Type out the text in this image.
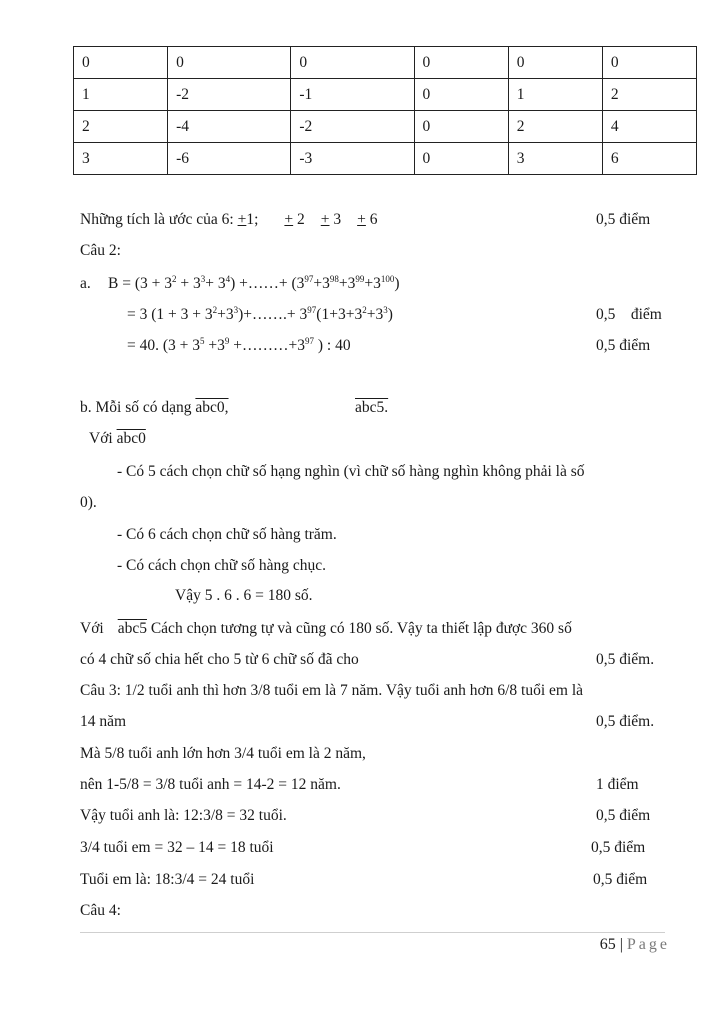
0	0	0	0	0	0
1	-2	-1	0	1	2
2	-4	-2	0	2	4
3	-6	-3	0	3	6
Những tích là ước của 6: +1; + 2 + 3 + 6	0,5 điểm
Câu 2:
a. $B = (3 + 3^2 + 3^3+ 3^4)$ +……+ $(3^{97}+3^{98}+3^{99}+3^{100})$
= 3 $(1 + 3 + 3^2+3^3)+\dots\dots.+ 3^{97}(1+3+3^2+3^3)$	0,5    điểm
= 40. ($3 + 3^5 +3^9$ $+\dots\dots\dots+3^{97}$ ) : 40	0,5 điểm
b. Mỗi số có dạng abc0,	abc5.
Với abc0
- Có 5 cách chọn chữ số hạng nghìn (vì chữ số hàng nghìn không phải là số
0).
- Có 6 cách chọn chữ số hàng trăm.
- Có cách chọn chữ số hàng chục.
Vậy 5 . 6 . 6 = 180 số.
Với abc5 Cách chọn tương tự và cũng có 180 số. Vậy ta thiết lập được 360 số
có 4 chữ số chia hết cho 5 từ 6 chữ số đã cho	0,5 điểm.
Câu 3: 1/2 tuổi anh thì hơn 3/8 tuổi em là 7 năm. Vậy tuổi anh hơn 6/8 tuổi em là
14 năm	0,5 điểm.
Mà 5/8 tuổi anh lớn hơn 3/4 tuổi em là 2 năm,
nên 1-5/8 = 3/8 tuổi anh = 14-2 = 12 năm.	1 điểm
Vậy tuổi anh là: 12:3/8 = 32 tuổi.	0,5 điểm
3/4 tuổi em = 32 – 14 = 18 tuổi	0,5 điểm
Tuổi em là: 18:3/4 = 24 tuổi	0,5 điểm
Câu 4:
65 | Page
